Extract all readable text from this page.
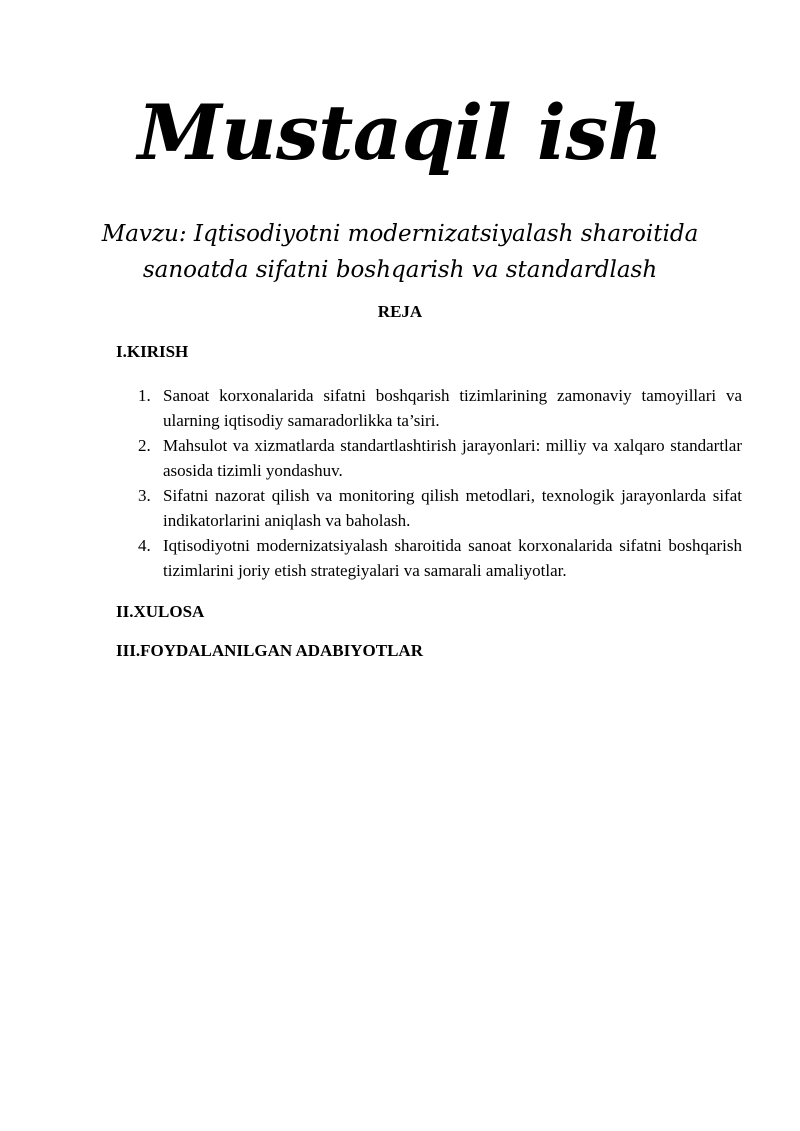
Mustaqil ish
Mavzu: Iqtisodiyotni modernizatsiyalash sharoitida
sanoatda sifatni boshqarish va standardlash
REJA
I.KIRISH
1. Sanoat korxonalarida sifatni boshqarish tizimlarining zamonaviy tamoyillari va ularning iqtisodiy samaradorlikka ta’siri.
2. Mahsulot va xizmatlarda standartlashtirish jarayonlari: milliy va xalqaro standartlar asosida tizimli yondashuv.
3. Sifatni nazorat qilish va monitoring qilish metodlari, texnologik jarayonlarda sifat indikatorlarini aniqlash va baholash.
4. Iqtisodiyotni modernizatsiyalash sharoitida sanoat korxonalarida sifatni boshqarish tizimlarini joriy etish strategiyalari va samarali amaliyotlar.
II.XULOSA
III.FOYDALANILGAN ADABIYOTLAR
